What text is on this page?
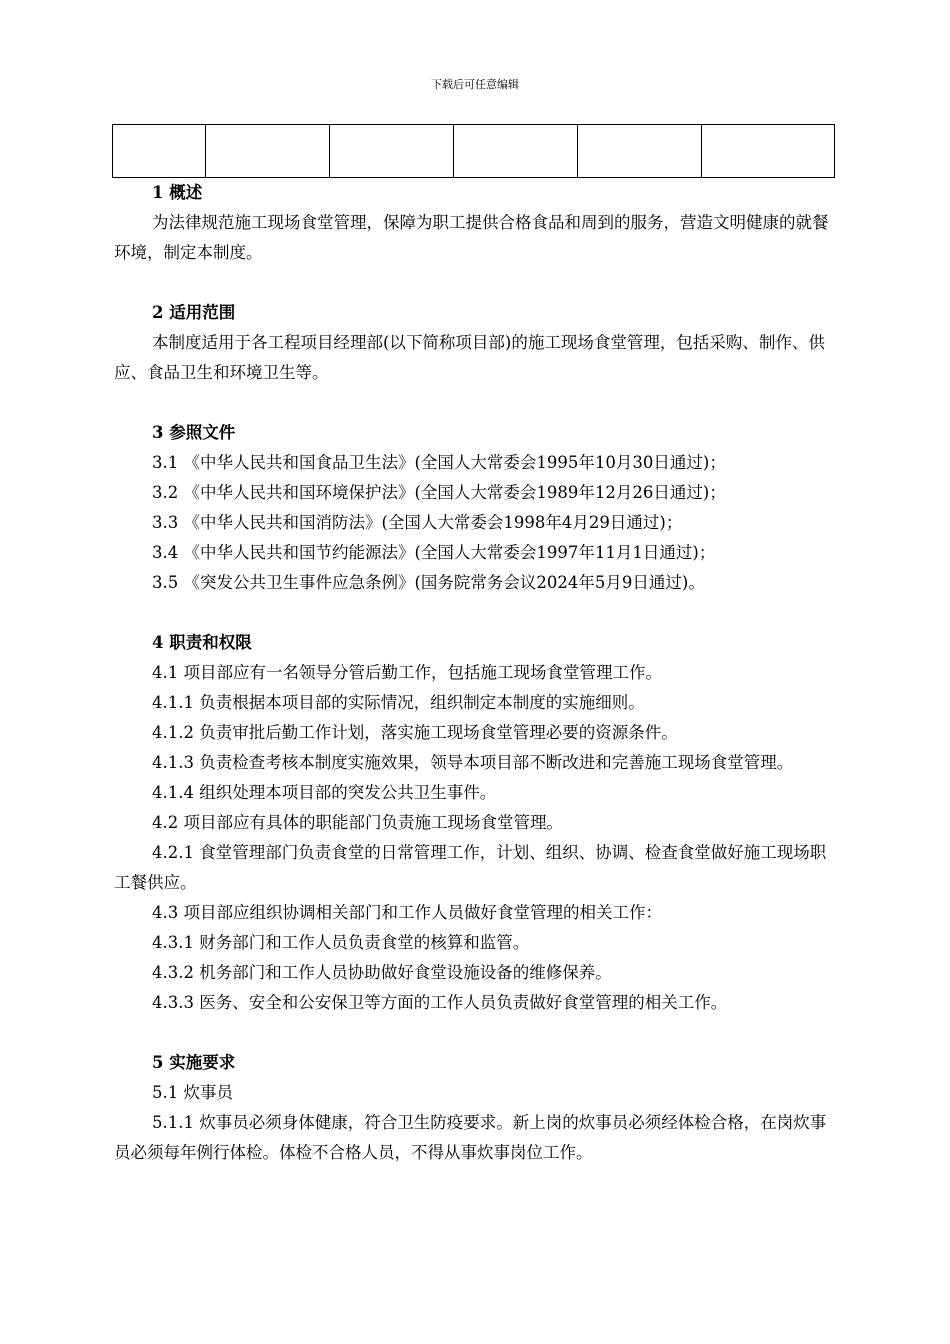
下载后可任意编辑

1 概述

为法律规范施工现场食堂管理，保障为职工提供合格食品和周到的服务，营造文明健康的就餐环境，制定本制度。

2 适用范围

本制度适用于各工程项目经理部(以下简称项目部)的施工现场食堂管理，包括采购、制作、供应、食品卫生和环境卫生等。

3 参照文件

3.1 《中华人民共和国食品卫生法》(全国人大常委会1995年10月30日通过)；

3.2 《中华人民共和国环境保护法》(全国人大常委会1989年12月26日通过)；

3.3 《中华人民共和国消防法》(全国人大常委会1998年4月29日通过)；

3.4 《中华人民共和国节约能源法》(全国人大常委会1997年11月1日通过)；

3.5 《突发公共卫生事件应急条例》(国务院常务会议2024年5月9日通过)。

4 职责和权限

4.1 项目部应有一名领导分管后勤工作，包括施工现场食堂管理工作。

4.1.1 负责根据本项目部的实际情况，组织制定本制度的实施细则。

4.1.2 负责审批后勤工作计划，落实施工现场食堂管理必要的资源条件。

4.1.3 负责检查考核本制度实施效果，领导本项目部不断改进和完善施工现场食堂管理。

4.1.4 组织处理本项目部的突发公共卫生事件。

4.2 项目部应有具体的职能部门负责施工现场食堂管理。

4.2.1 食堂管理部门负责食堂的日常管理工作，计划、组织、协调、检查食堂做好施工现场职工餐供应。

4.3 项目部应组织协调相关部门和工作人员做好食堂管理的相关工作：

4.3.1 财务部门和工作人员负责食堂的核算和监管。

4.3.2 机务部门和工作人员协助做好食堂设施设备的维修保养。

4.3.3 医务、安全和公安保卫等方面的工作人员负责做好食堂管理的相关工作。

5 实施要求

5.1 炊事员

5.1.1 炊事员必须身体健康，符合卫生防疫要求。新上岗的炊事员必须经体检合格，在岗炊事员必须每年例行体检。体检不合格人员，不得从事炊事岗位工作。
